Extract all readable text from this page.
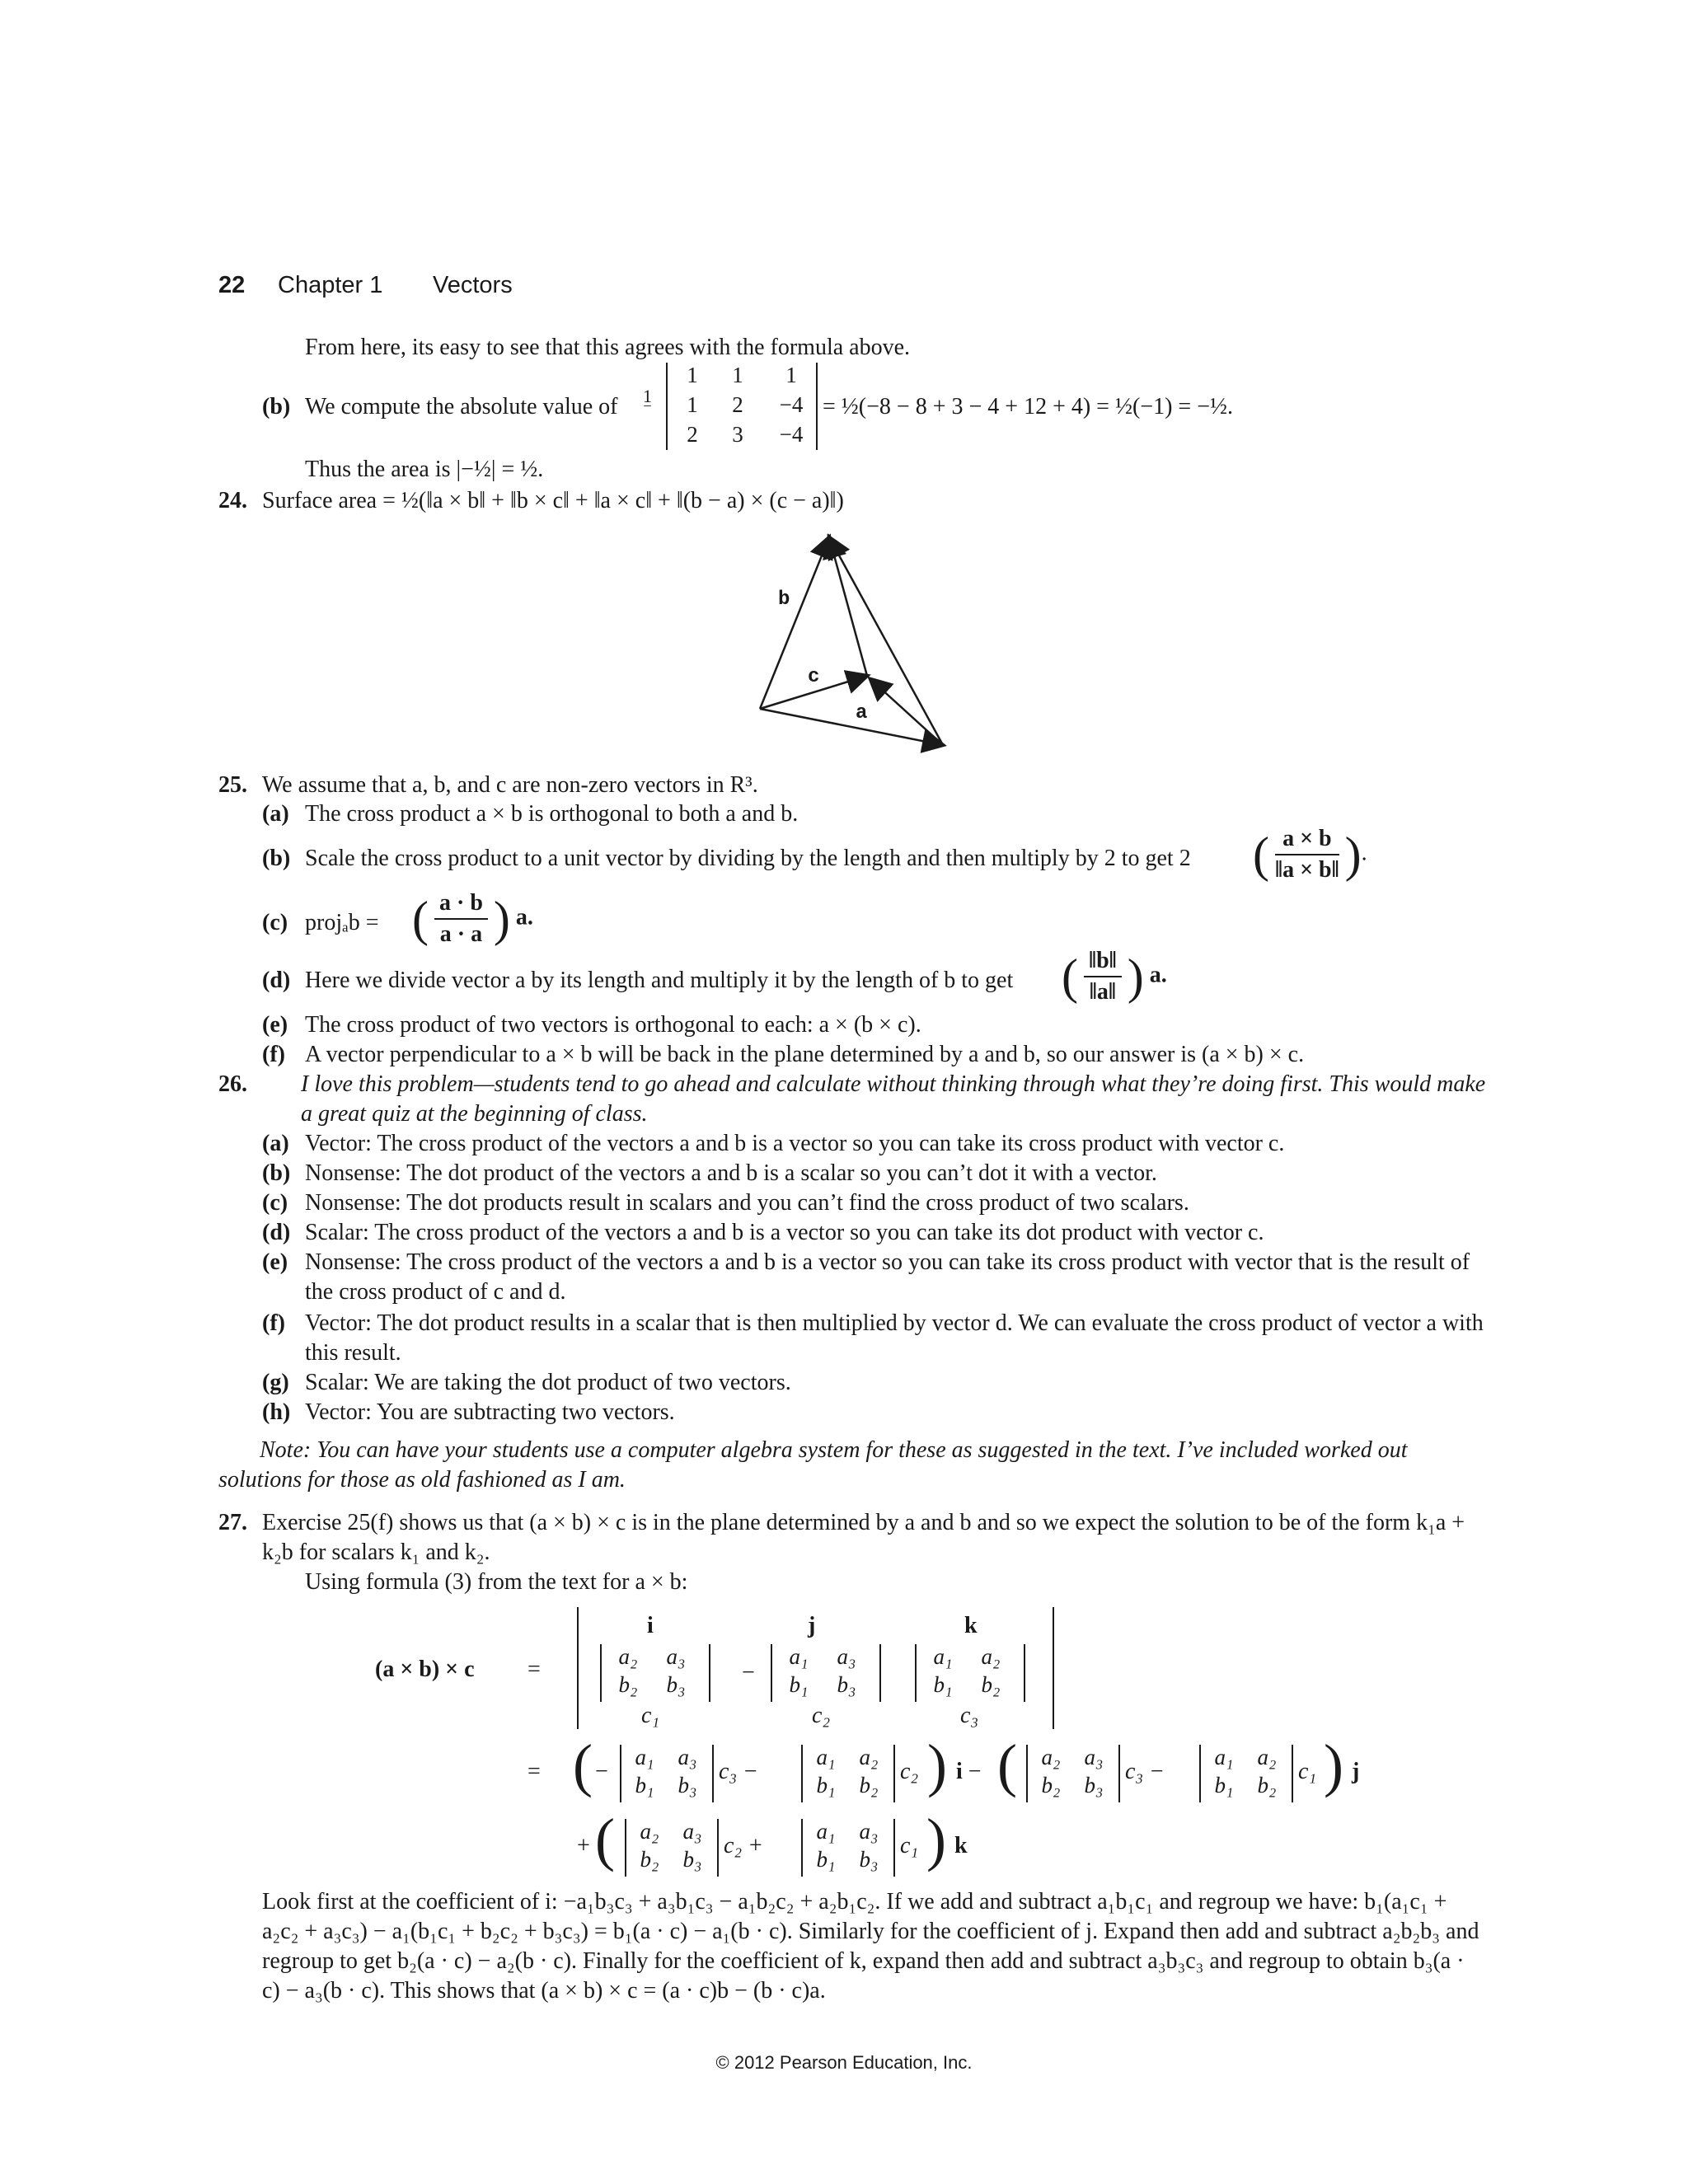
22 Chapter 1 Vectors
From here, its easy to see that this agrees with the formula above.
(b) We compute the absolute value of 1
‾

1	1	1
1	2	−4
2	3	−4
= ½(−8 − 8 + 3 − 4 + 12 + 4) = ½(−1) = −½.
Thus the area is |−½| = ½.
24. Surface area = ½(‖a × b‖ + ‖b × c‖ + ‖a × c‖ + ‖(b − a) × (c − a)‖)
b
c
a
25. We assume that a, b, and c are non-zero vectors in R³.
(a) The cross product a × b is orthogonal to both a and b.
(b) Scale the cross product to a unit vector by dividing by the length and then multiply by 2 to get 2 ( $\frac{a \times b}{‖a \times b‖}$ ).
(c) projₐb = ( $\frac{a \cdot b}{a \cdot a}$ ) a.
(d) Here we divide vector a by its length and multiply it by the length of b to get ( $\frac{‖b‖}{‖a‖}$ ) a.
(e) The cross product of two vectors is orthogonal to each: a × (b × c).
(f) A vector perpendicular to a × b will be back in the plane determined by a and b, so our answer is (a × b) × c.
26. I love this problem—students tend to go ahead and calculate without thinking through what they’re doing first. This would make a great quiz at the beginning of class.
(a) Vector: The cross product of the vectors a and b is a vector so you can take its cross product with vector c.
(b) Nonsense: The dot product of the vectors a and b is a scalar so you can’t dot it with a vector.
(c) Nonsense: The dot products result in scalars and you can’t find the cross product of two scalars.
(d) Scalar: The cross product of the vectors a and b is a vector so you can take its dot product with vector c.
(e) Nonsense: The cross product of the vectors a and b is a vector so you can take its cross product with vector that is the result of the cross product of c and d.
(f) Vector: The dot product results in a scalar that is then multiplied by vector d. We can evaluate the cross product of vector a with this result.
(g) Scalar: We are taking the dot product of two vectors.
(h) Vector: You are subtracting two vectors.
Note: You can have your students use a computer algebra system for these as suggested in the text. I’ve included worked out solutions for those as old fashioned as I am.
27. Exercise 25(f) shows us that (a × b) × c is in the plane determined by a and b and so we expect the solution to be of the form k₁a + k₂b for scalars k₁ and k₂.
Using formula (3) from the text for a × b:
(a × b) × c =
i	j	k
a₂	a₃
b₂	b₃	−
a₁	a₃
b₁	b₃
a₁	a₂
b₁	b₂
c₁	c₂	c₃
= ( −
a₁	a₃
b₁	b₃
c₃ −
a₁	a₂
b₁	b₂
c₂ ) i − (	a₂	a₃
b₂	b₃
c₃ −
a₁	a₂
b₁	b₂
c₁ ) j
+ (	a₂	a₃
b₂	b₃
c₂ +
a₁	a₃
b₁	b₃
c₁ ) k
Look first at the coefficient of i: −a₁b₃c₃ + a₃b₁c₃ − a₁b₂c₂ + a₂b₁c₂. If we add and subtract a₁b₁c₁ and regroup we have: b₁(a₁c₁ + a₂c₂ + a₃c₃) − a₁(b₁c₁ + b₂c₂ + b₃c₃) = b₁(a · c) − a₁(b · c). Similarly for the coefficient of j. Expand then add and subtract a₂b₂b₃ and regroup to get b₂(a · c) − a₂(b · c). Finally for the coefficient of k, expand then add and subtract a₃b₃c₃ and regroup to obtain b₃(a · c) − a₃(b · c). This shows that (a × b) × c = (a · c)b − (b · c)a.
© 2012 Pearson Education, Inc.
